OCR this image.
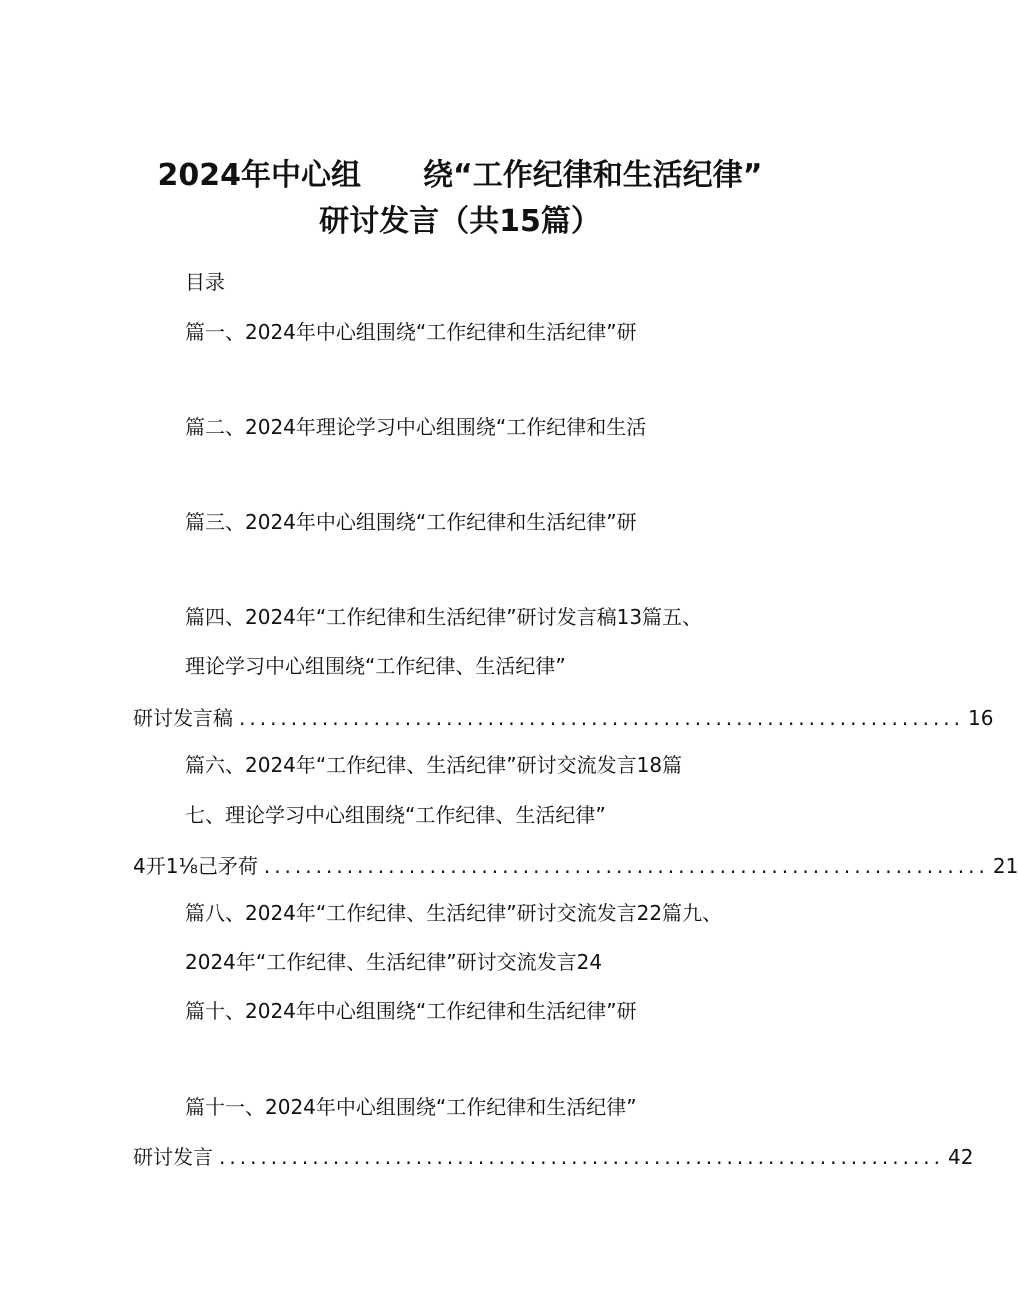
2024年中心组 绕“工作纪律和生活纪律”
研讨发言（共15篇）
目录
篇一、2024年中心组围绕“工作纪律和生活纪律”研
篇二、2024年理论学习中心组围绕“工作纪律和生活
篇三、2024年中心组围绕“工作纪律和生活纪律”研
篇四、2024年“工作纪律和生活纪律”研讨发言稿13篇五、
理论学习中心组围绕“工作纪律、生活纪律”
研讨发言稿 ...................................................................... 16
篇六、2024年“工作纪律、生活纪律”研讨交流发言18篇
七、理论学习中心组围绕“工作纪律、生活纪律”
4开1⅛己矛荷 ...................................................................... 21
篇八、2024年“工作纪律、生活纪律”研讨交流发言22篇九、
2024年“工作纪律、生活纪律”研讨交流发言24
篇十、2024年中心组围绕“工作纪律和生活纪律”研
篇十一、2024年中心组围绕“工作纪律和生活纪律”
研讨发言 ...................................................................... 42
